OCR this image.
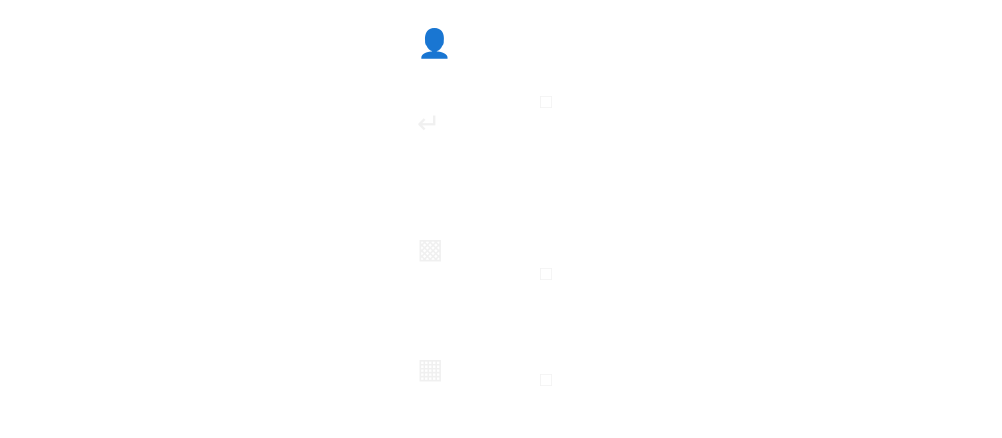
👤
↵
▩
▦
□
□
□
